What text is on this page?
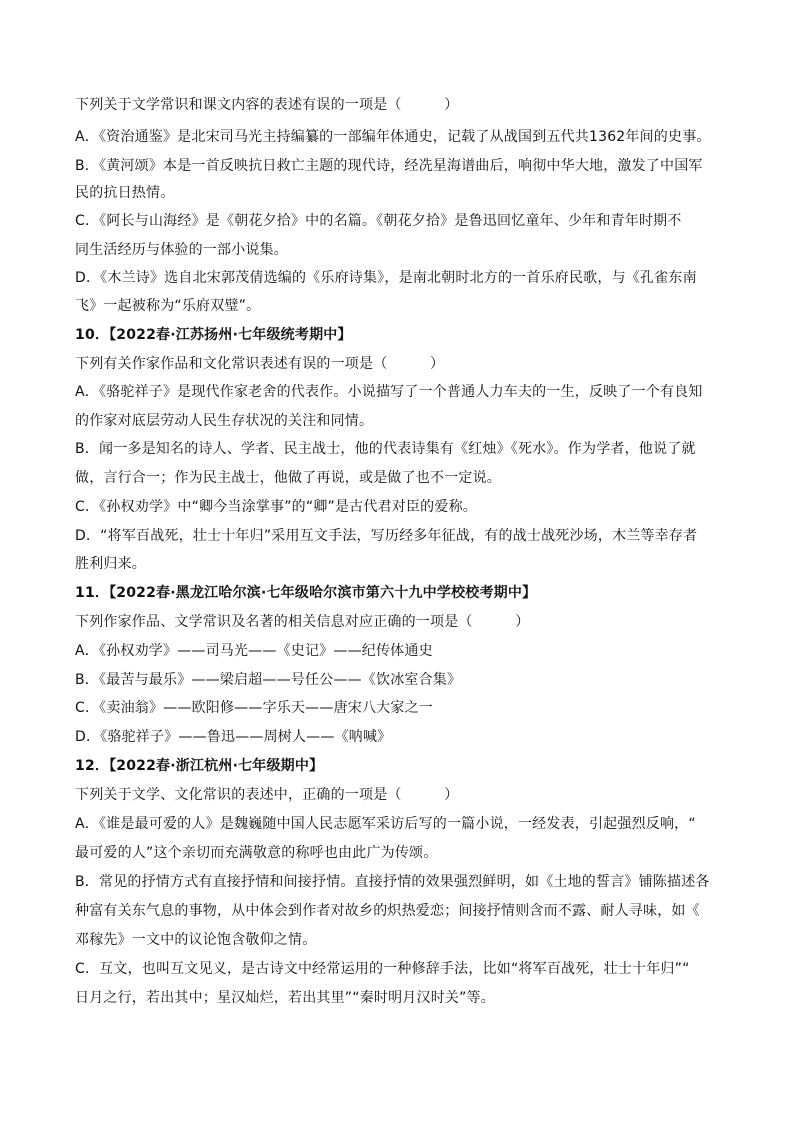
下列关于文学常识和课文内容的表述有误的一项是（　　　）
A．《资治通鉴》是北宋司马光主持编纂的一部编年体通史，记载了从战国到五代共1362年间的史事。
B．《黄河颂》本是一首反映抗日救亡主题的现代诗，经冼星海谱曲后，响彻中华大地，激发了中国军
民的抗日热情。
C．《阿长与山海经》是《朝花夕拾》中的名篇。《朝花夕拾》是鲁迅回忆童年、少年和青年时期不
同生活经历与体验的一部小说集。
D．《木兰诗》选自北宋郭茂倩选编的《乐府诗集》，是南北朝时北方的一首乐府民歌，与《孔雀东南
飞》一起被称为“乐府双璧”。
10．【2022春·江苏扬州·七年级统考期中】
下列有关作家作品和文化常识表述有误的一项是（　　　）
A．《骆驼祥子》是现代作家老舍的代表作。小说描写了一个普通人力车夫的一生，反映了一个有良知
的作家对底层劳动人民生存状况的关注和同情。
B．闻一多是知名的诗人、学者、民主战士，他的代表诗集有《红烛》《死水》。作为学者，他说了就
做，言行合一；作为民主战士，他做了再说，或是做了也不一定说。
C．《孙权劝学》中“卿今当涂掌事”的“卿”是古代君对臣的爱称。
D．“将军百战死，壮士十年归”采用互文手法，写历经多年征战，有的战士战死沙场，木兰等幸存者
胜利归来。
11．【2022春·黑龙江哈尔滨·七年级哈尔滨市第六十九中学校校考期中】
下列作家作品、文学常识及名著的相关信息对应正确的一项是（　　　）
A．《孙权劝学》——司马光——《史记》——纪传体通史
B．《最苦与最乐》——梁启超——号任公——《饮冰室合集》
C．《卖油翁》——欧阳修——字乐天——唐宋八大家之一
D．《骆驼祥子》——鲁迅——周树人——《呐喊》
12．【2022春·浙江杭州·七年级期中】
下列关于文学、文化常识的表述中，正确的一项是（　　　）
A．《谁是最可爱的人》是魏巍随中国人民志愿军采访后写的一篇小说，一经发表，引起强烈反响，“
最可爱的人”这个亲切而充满敬意的称呼也由此广为传颂。
B．常见的抒情方式有直接抒情和间接抒情。直接抒情的效果强烈鲜明，如《土地的誓言》铺陈描述各
种富有关东气息的事物，从中体会到作者对故乡的炽热爱恋；间接抒情则含而不露、耐人寻味，如《
邓稼先》一文中的议论饱含敬仰之情。
C．互文，也叫互文见义，是古诗文中经常运用的一种修辞手法，比如“将军百战死，壮士十年归”“
日月之行，若出其中；星汉灿烂，若出其里”“秦时明月汉时关”等。
